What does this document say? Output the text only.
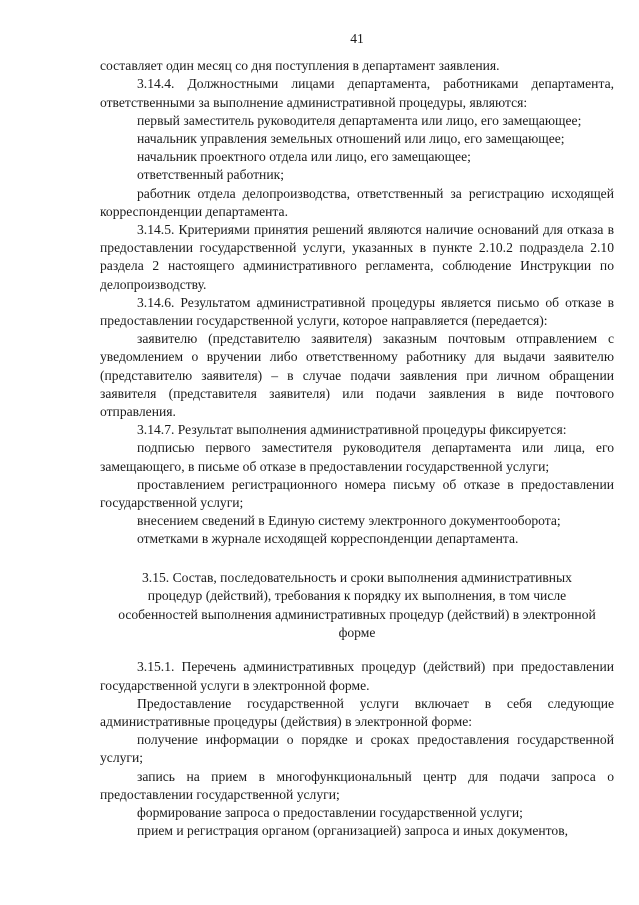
41

составляет один месяц со дня поступления в департамент заявления.

3.14.4. Должностными лицами департамента, работниками департамента, ответственными за выполнение административной процедуры, являются:

первый заместитель руководителя департамента или лицо, его замещающее;

начальник управления земельных отношений или лицо, его замещающее;

начальник проектного отдела или лицо, его замещающее;

ответственный работник;

работник отдела делопроизводства, ответственный за регистрацию исходящей корреспонденции департамента.

3.14.5. Критериями принятия решений являются наличие оснований для отказа в предоставлении государственной услуги, указанных в пункте 2.10.2 подраздела 2.10 раздела 2 настоящего административного регламента, соблюдение Инструкции по делопроизводству.

3.14.6. Результатом административной процедуры является письмо об отказе в предоставлении государственной услуги, которое направляется (передается):

заявителю (представителю заявителя) заказным почтовым отправлением с уведомлением о вручении либо ответственному работнику для выдачи заявителю (представителю заявителя) – в случае подачи заявления при личном обращении заявителя (представителя заявителя) или подачи заявления в виде почтового отправления.

3.14.7. Результат выполнения административной процедуры фиксируется:

подписью первого заместителя руководителя департамента или лица, его замещающего, в письме об отказе в предоставлении государственной услуги;

проставлением регистрационного номера письму об отказе в предоставлении государственной услуги;

внесением сведений в Единую систему электронного документооборота;

отметками в журнале исходящей корреспонденции департамента.

3.15. Состав, последовательность и сроки выполнения административных процедур (действий), требования к порядку их выполнения, в том числе особенностей выполнения административных процедур (действий) в электронной форме

3.15.1. Перечень административных процедур (действий) при предоставлении государственной услуги в электронной форме.

Предоставление государственной услуги включает в себя следующие административные процедуры (действия) в электронной форме:

получение информации о порядке и сроках предоставления государственной услуги;

запись на прием в многофункциональный центр для подачи запроса о предоставлении государственной услуги;

формирование запроса о предоставлении государственной услуги;

прием и регистрация органом (организацией) запроса и иных документов,
